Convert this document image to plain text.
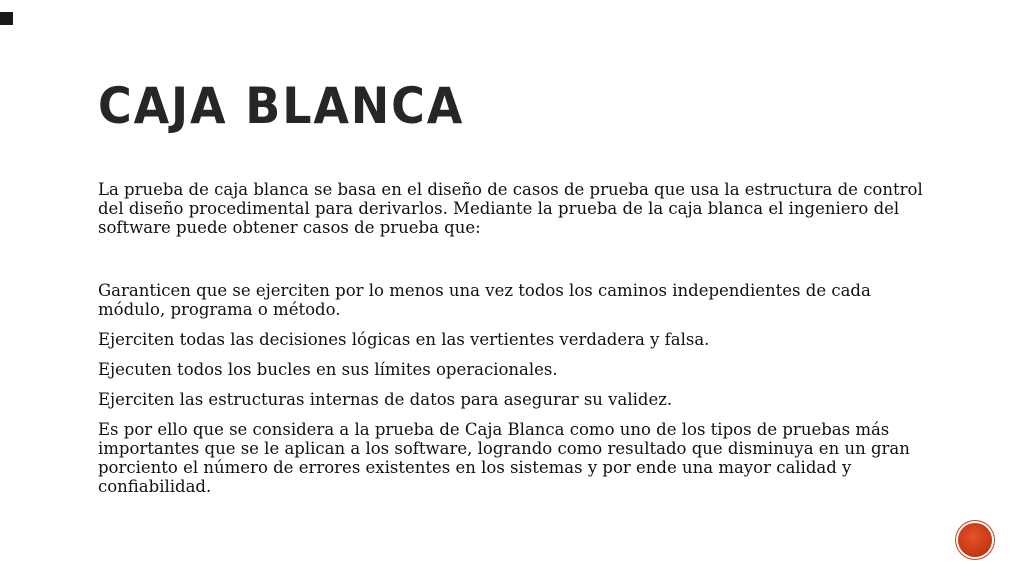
CAJA BLANCA

La prueba de caja blanca se basa en el diseño de casos de prueba que usa la estructura de control del diseño procedimental para derivarlos. Mediante la prueba de la caja blanca el ingeniero del software puede obtener casos de prueba que:

Garanticen que se ejerciten por lo menos una vez todos los caminos independientes de cada módulo, programa o método.

Ejerciten todas las decisiones lógicas en las vertientes verdadera y falsa.

Ejecuten todos los bucles en sus límites operacionales.

Ejerciten las estructuras internas de datos para asegurar su validez.

Es por ello que se considera a la prueba de Caja Blanca como uno de los tipos de pruebas más importantes que se le aplican a los software, logrando como resultado que disminuya en un gran porciento el número de errores existentes en los sistemas y por ende una mayor calidad y confiabilidad.
